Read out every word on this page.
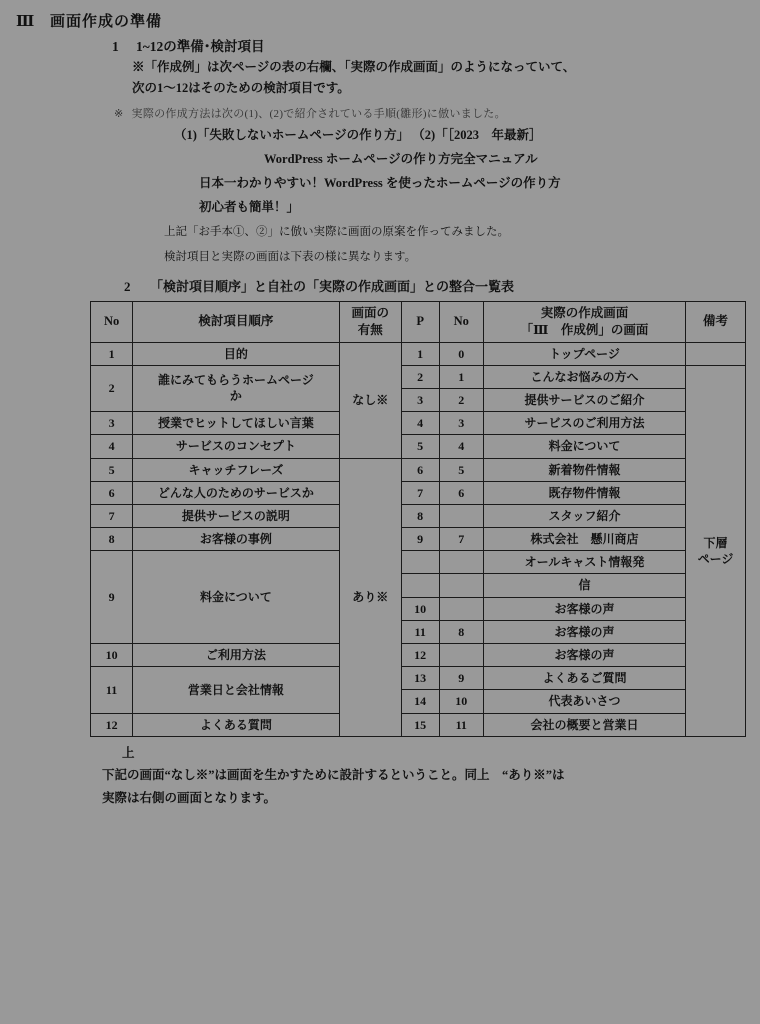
Ⅲ 画面作成の準備
1 1~12の準備･検討項目
※「作成例」は次ページの表の右欄、「実際の作成画面」のようになっていて、
次の1～12はそのための検討項目です。
※ 実際の作成方法は次の(1)、(2)で紹介されている手順(雛形)に倣いました。
（1)「失敗しないホームページの作り方」 （2)「［2023　年最新］
WordPress ホームページの作り方完全マニュアル
日本一わかりやすい！WordPress を使ったホームページの作り方
初心者も簡単！」
上記「お手本①、②」に倣い実際に画面の原案を作ってみました。
検討項目と実際の画面は下表の様に異なります。
2 「検討項目順序」と自社の「実際の作成画面」との整合一覧表
No	検討項目順序	画面の
有無	P	No	実際の作成画面
「Ⅲ　作成例」の画面	備考
1	目的	なし※	1	0	トップページ	
2	誰にみてもらうホームページ
か		2	1	こんなお悩みの方へ	下層
ページ
			3	2	提供サービスのご紹介	
3	授業でヒットしてほしい言葉		4	3	サービスのご利用方法	
4	サービスのコンセプト		5	4	料金について	
5	キャッチフレーズ	あり※	6	5	新着物件情報	
6	どんな人のためのサービスか		7	6	既存物件情報	
7	提供サービスの説明		8		スタッフ紹介	
8	お客様の事例		9	7	株式会社　懸川商店	
9	料金について				オールキャスト情報発	
					信	
			10		お客様の声	
			11	8	お客様の声	
10	ご利用方法		12		お客様の声	
11	営業日と会社情報		13	9	よくあるご質問	
			14	10	代表あいさつ	
12	よくある質問		15	11	会社の概要と営業日	
上
下記の画面“なし※”は画面を生かすために設計するということ。同上　“あり※”は
実際は右側の画面となります。
